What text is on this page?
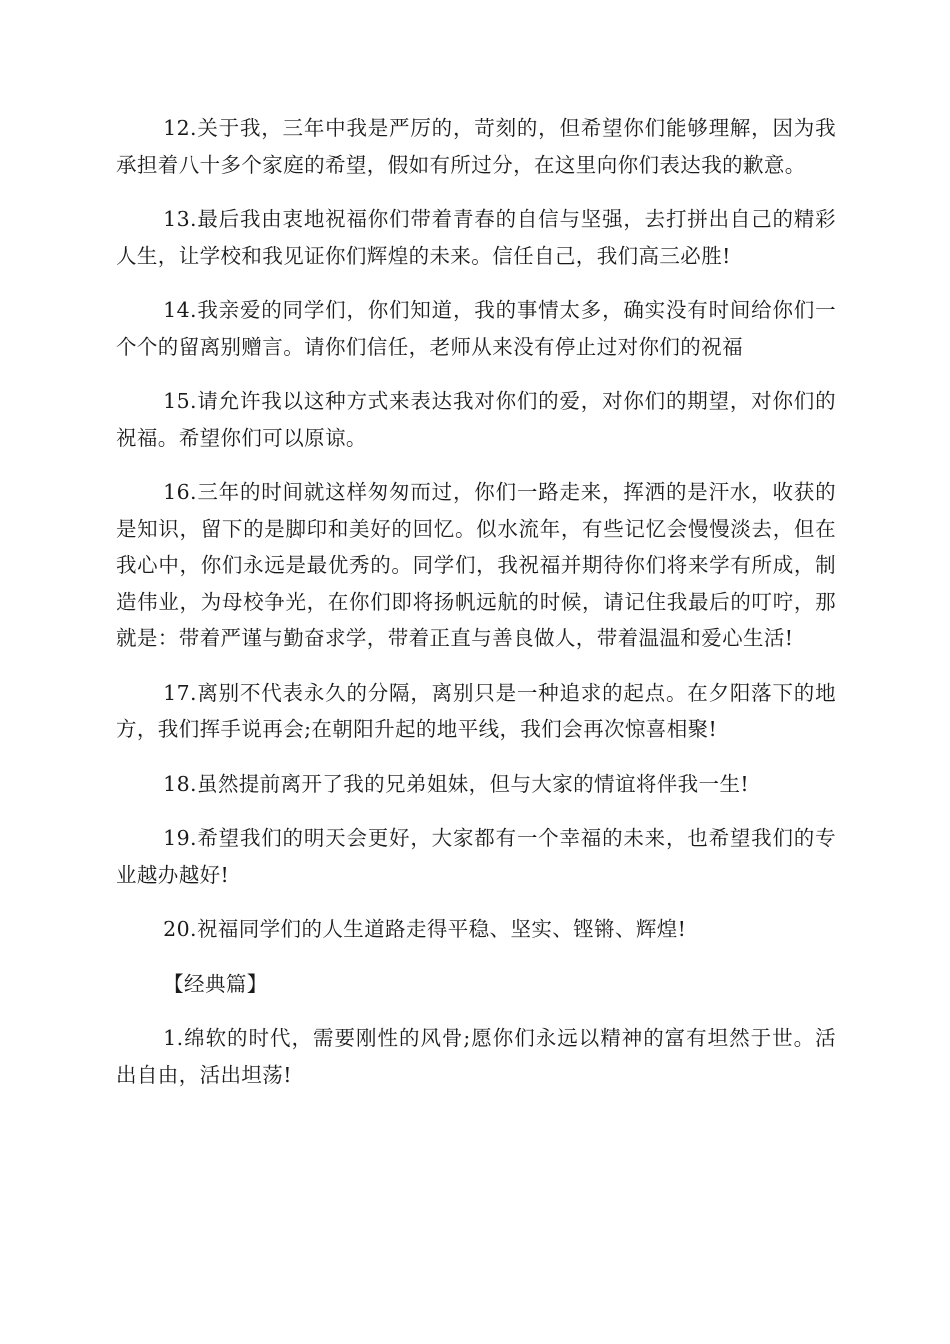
12.关于我，三年中我是严厉的，苛刻的，但希望你们能够理解，因为我承担着八十多个家庭的希望，假如有所过分，在这里向你们表达我的歉意。

13.最后我由衷地祝福你们带着青春的自信与坚强，去打拼出自己的精彩人生，让学校和我见证你们辉煌的未来。信任自己，我们高三必胜!

14.我亲爱的同学们，你们知道，我的事情太多，确实没有时间给你们一个个的留离别赠言。请你们信任，老师从来没有停止过对你们的祝福

15.请允许我以这种方式来表达我对你们的爱，对你们的期望，对你们的祝福。希望你们可以原谅。

16.三年的时间就这样匆匆而过，你们一路走来，挥洒的是汗水，收获的是知识，留下的是脚印和美好的回忆。似水流年，有些记忆会慢慢淡去，但在我心中，你们永远是最优秀的。同学们，我祝福并期待你们将来学有所成，制造伟业，为母校争光，在你们即将扬帆远航的时候，请记住我最后的叮咛，那就是：带着严谨与勤奋求学，带着正直与善良做人，带着温温和爱心生活!

17.离别不代表永久的分隔，离别只是一种追求的起点。在夕阳落下的地方，我们挥手说再会;在朝阳升起的地平线，我们会再次惊喜相聚!

18.虽然提前离开了我的兄弟姐妹，但与大家的情谊将伴我一生!

19.希望我们的明天会更好，大家都有一个幸福的未来，也希望我们的专业越办越好!

20.祝福同学们的人生道路走得平稳、坚实、铿锵、辉煌!

【经典篇】

1.绵软的时代，需要刚性的风骨;愿你们永远以精神的富有坦然于世。活出自由，活出坦荡!
